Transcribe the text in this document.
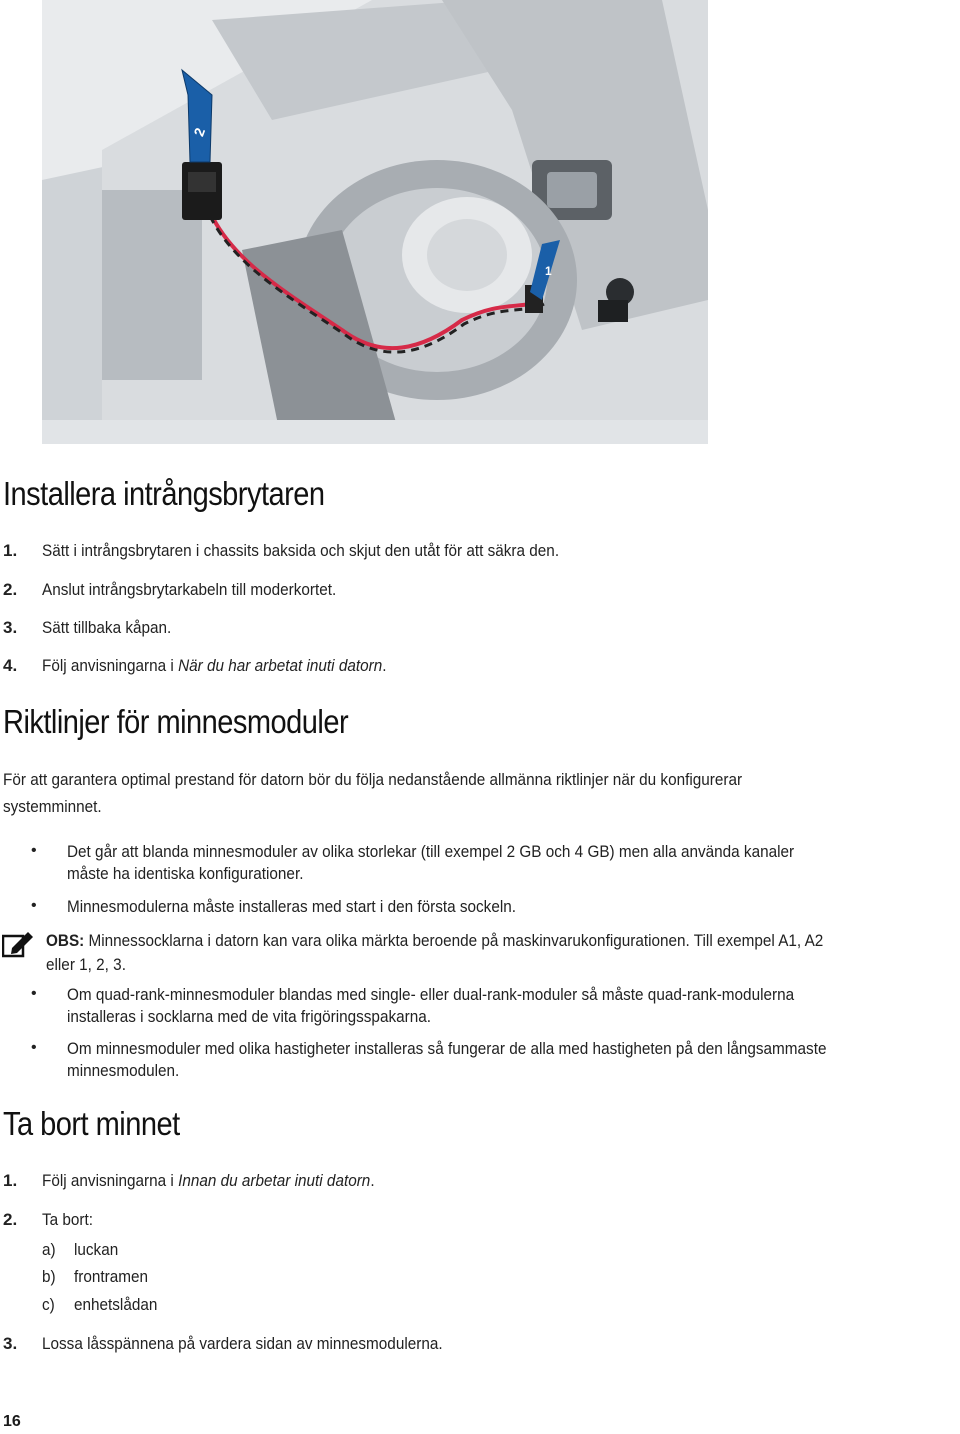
2
1
Installera intrångsbrytaren
1. Sätt i intrångsbrytaren i chassits baksida och skjut den utåt för att säkra den.
2. Anslut intrångsbrytarkabeln till moderkortet.
3. Sätt tillbaka kåpan.
4. Följ anvisningarna i När du har arbetat inuti datorn.
Riktlinjer för minnesmoduler
För att garantera optimal prestand för datorn bör du följa nedanstående allmänna riktlinjer när du konfigurerar
systemminnet.
• Det går att blanda minnesmoduler av olika storlekar (till exempel 2 GB och 4 GB) men alla använda kanaler
måste ha identiska konfigurationer.
• Minnesmodulerna måste installeras med start i den första sockeln.
OBS: Minnessocklarna i datorn kan vara olika märkta beroende på maskinvarukonfigurationen. Till exempel A1, A2
eller 1, 2, 3.
• Om quad-rank-minnesmoduler blandas med single- eller dual-rank-moduler så måste quad-rank-modulerna
installeras i socklarna med de vita frigöringsspakarna.
• Om minnesmoduler med olika hastigheter installeras så fungerar de alla med hastigheten på den långsammaste
minnesmodulen.
Ta bort minnet
1. Följ anvisningarna i Innan du arbetar inuti datorn.
2. Ta bort:
a) luckan
b) frontramen
c) enhetslådan
3. Lossa låsspännena på vardera sidan av minnesmodulerna.
16
